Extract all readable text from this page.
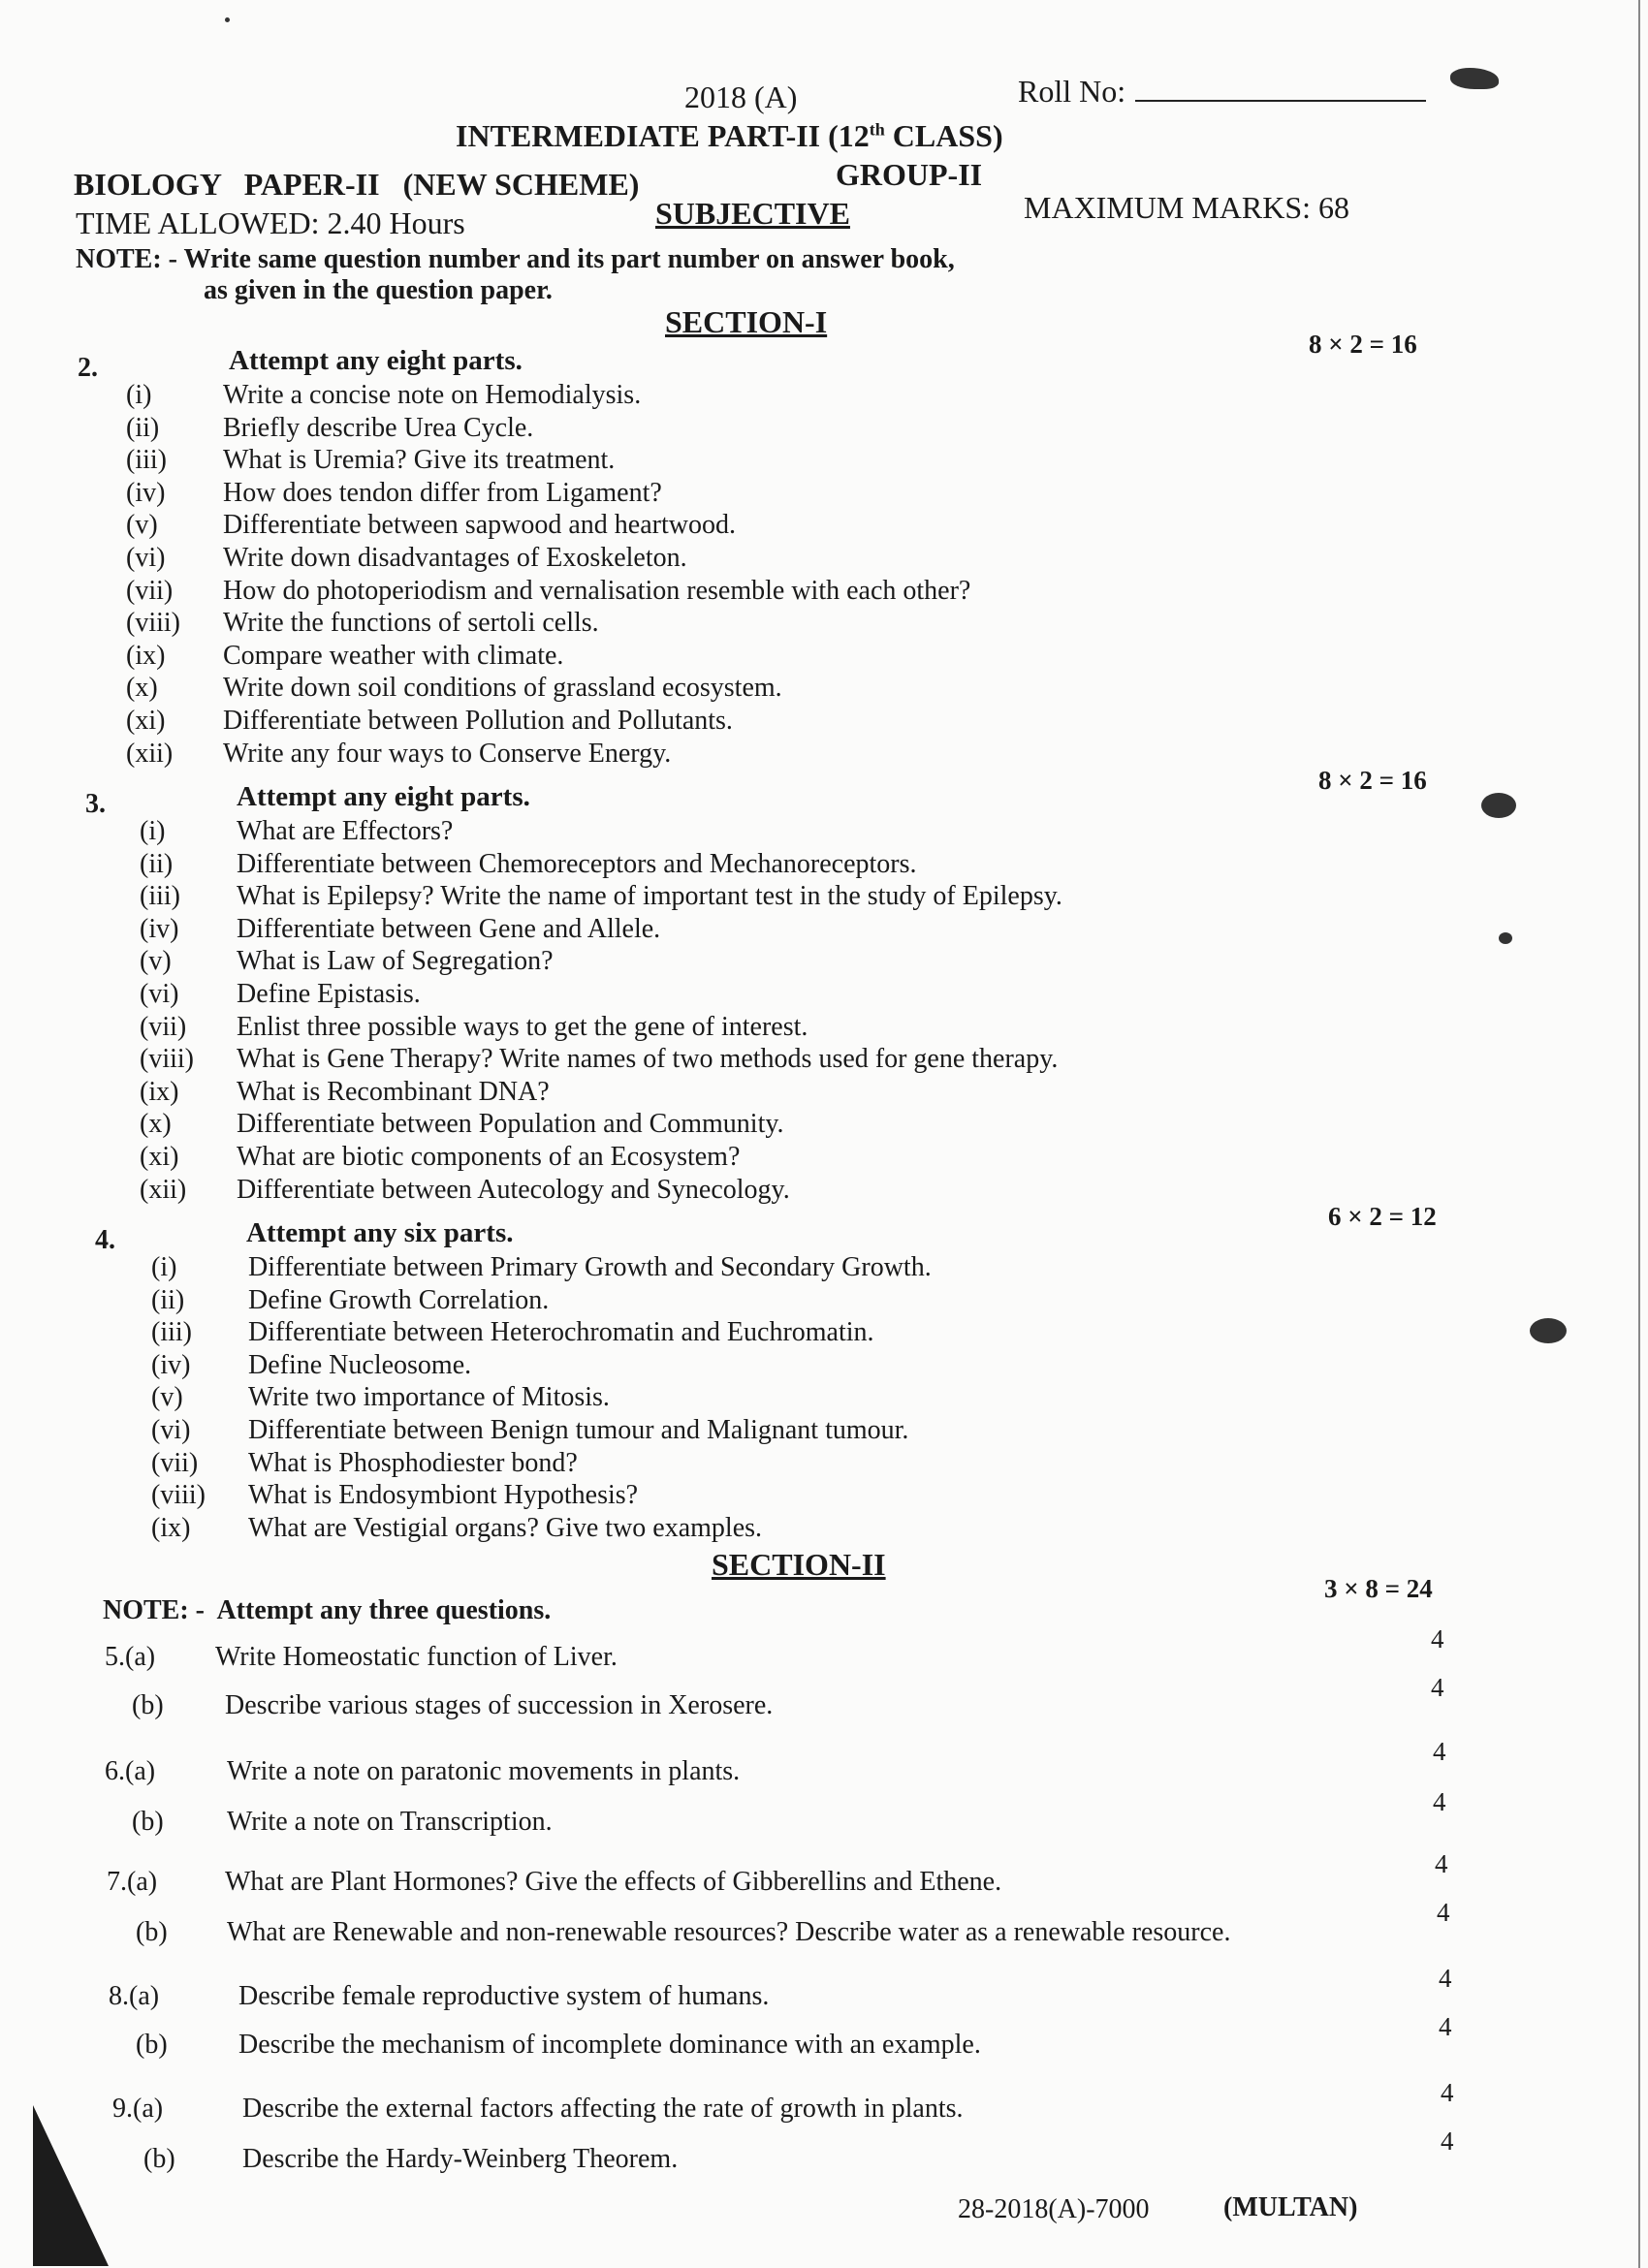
2018 (A)	Roll No:
INTERMEDIATE PART-II (12th CLASS)
BIOLOGY   PAPER-II   (NEW SCHEME)	GROUP-II
TIME ALLOWED: 2.40 Hours	SUBJECTIVE	MAXIMUM MARKS: 68
NOTE: - Write same question number and its part number on answer book,
as given in the question paper.
SECTION-I
2.	Attempt any eight parts.
8 × 2 = 16
(i)	Write a concise note on Hemodialysis.
(ii) Briefly describe Urea Cycle.
(iii) What is Uremia? Give its treatment.
(iv) How does tendon differ from Ligament?
(v) Differentiate between sapwood and heartwood.
(vi) Write down disadvantages of Exoskeleton.
(vii) How do photoperiodism and vernalisation resemble with each other?
(viii) Write the functions of sertoli cells.
(ix) Compare weather with climate.
(x) Write down soil conditions of grassland ecosystem.
(xi) Differentiate between Pollution and Pollutants.
(xii) Write any four ways to Conserve Energy.
3.	Attempt any eight parts.
8 × 2 = 16
(i)	What are Effectors?
(ii) Differentiate between Chemoreceptors and Mechanoreceptors.
(iii) What is Epilepsy? Write the name of important test in the study of Epilepsy.
(iv) Differentiate between Gene and Allele.
(v) What is Law of Segregation?
(vi) Define Epistasis.
(vii) Enlist three possible ways to get the gene of interest.
(viii) What is Gene Therapy? Write names of two methods used for gene therapy.
(ix) What is Recombinant DNA?
(x) Differentiate between Population and Community.
(xi) What are biotic components of an Ecosystem?
(xii) Differentiate between Autecology and Synecology.
4.	Attempt any six parts.
6 × 2 = 12
(i)	Differentiate between Primary Growth and Secondary Growth.
(ii) Define Growth Correlation.
(iii) Differentiate between Heterochromatin and Euchromatin.
(iv) Define Nucleosome.
(v) Write two importance of Mitosis.
(vi) Differentiate between Benign tumour and Malignant tumour.
(vii) What is Phosphodiester bond?
(viii) What is Endosymbiont Hypothesis?
(ix) What are Vestigial organs? Give two examples.
SECTION-II
NOTE: -  Attempt any three questions.
3 × 8 = 24
5.(a) Write Homeostatic function of Liver.
4
(b) Describe various stages of succession in Xerosere.
4
6.(a)	Write a note on paratonic movements in plants.
4
(b) Write a note on Transcription.
4
7.(a) What are Plant Hormones? Give the effects of Gibberellins and Ethene.
4
(b) What are Renewable and non-renewable resources? Describe water as a renewable resource.
4
8.(a)	Describe female reproductive system of humans.
4
(b)	Describe the mechanism of incomplete dominance with an example.
4
9.(a)	Describe the external factors affecting the rate of growth in plants.
4
(b) Describe the Hardy-Weinberg Theorem.
4
28-2018(A)-7000	(MULTAN)
